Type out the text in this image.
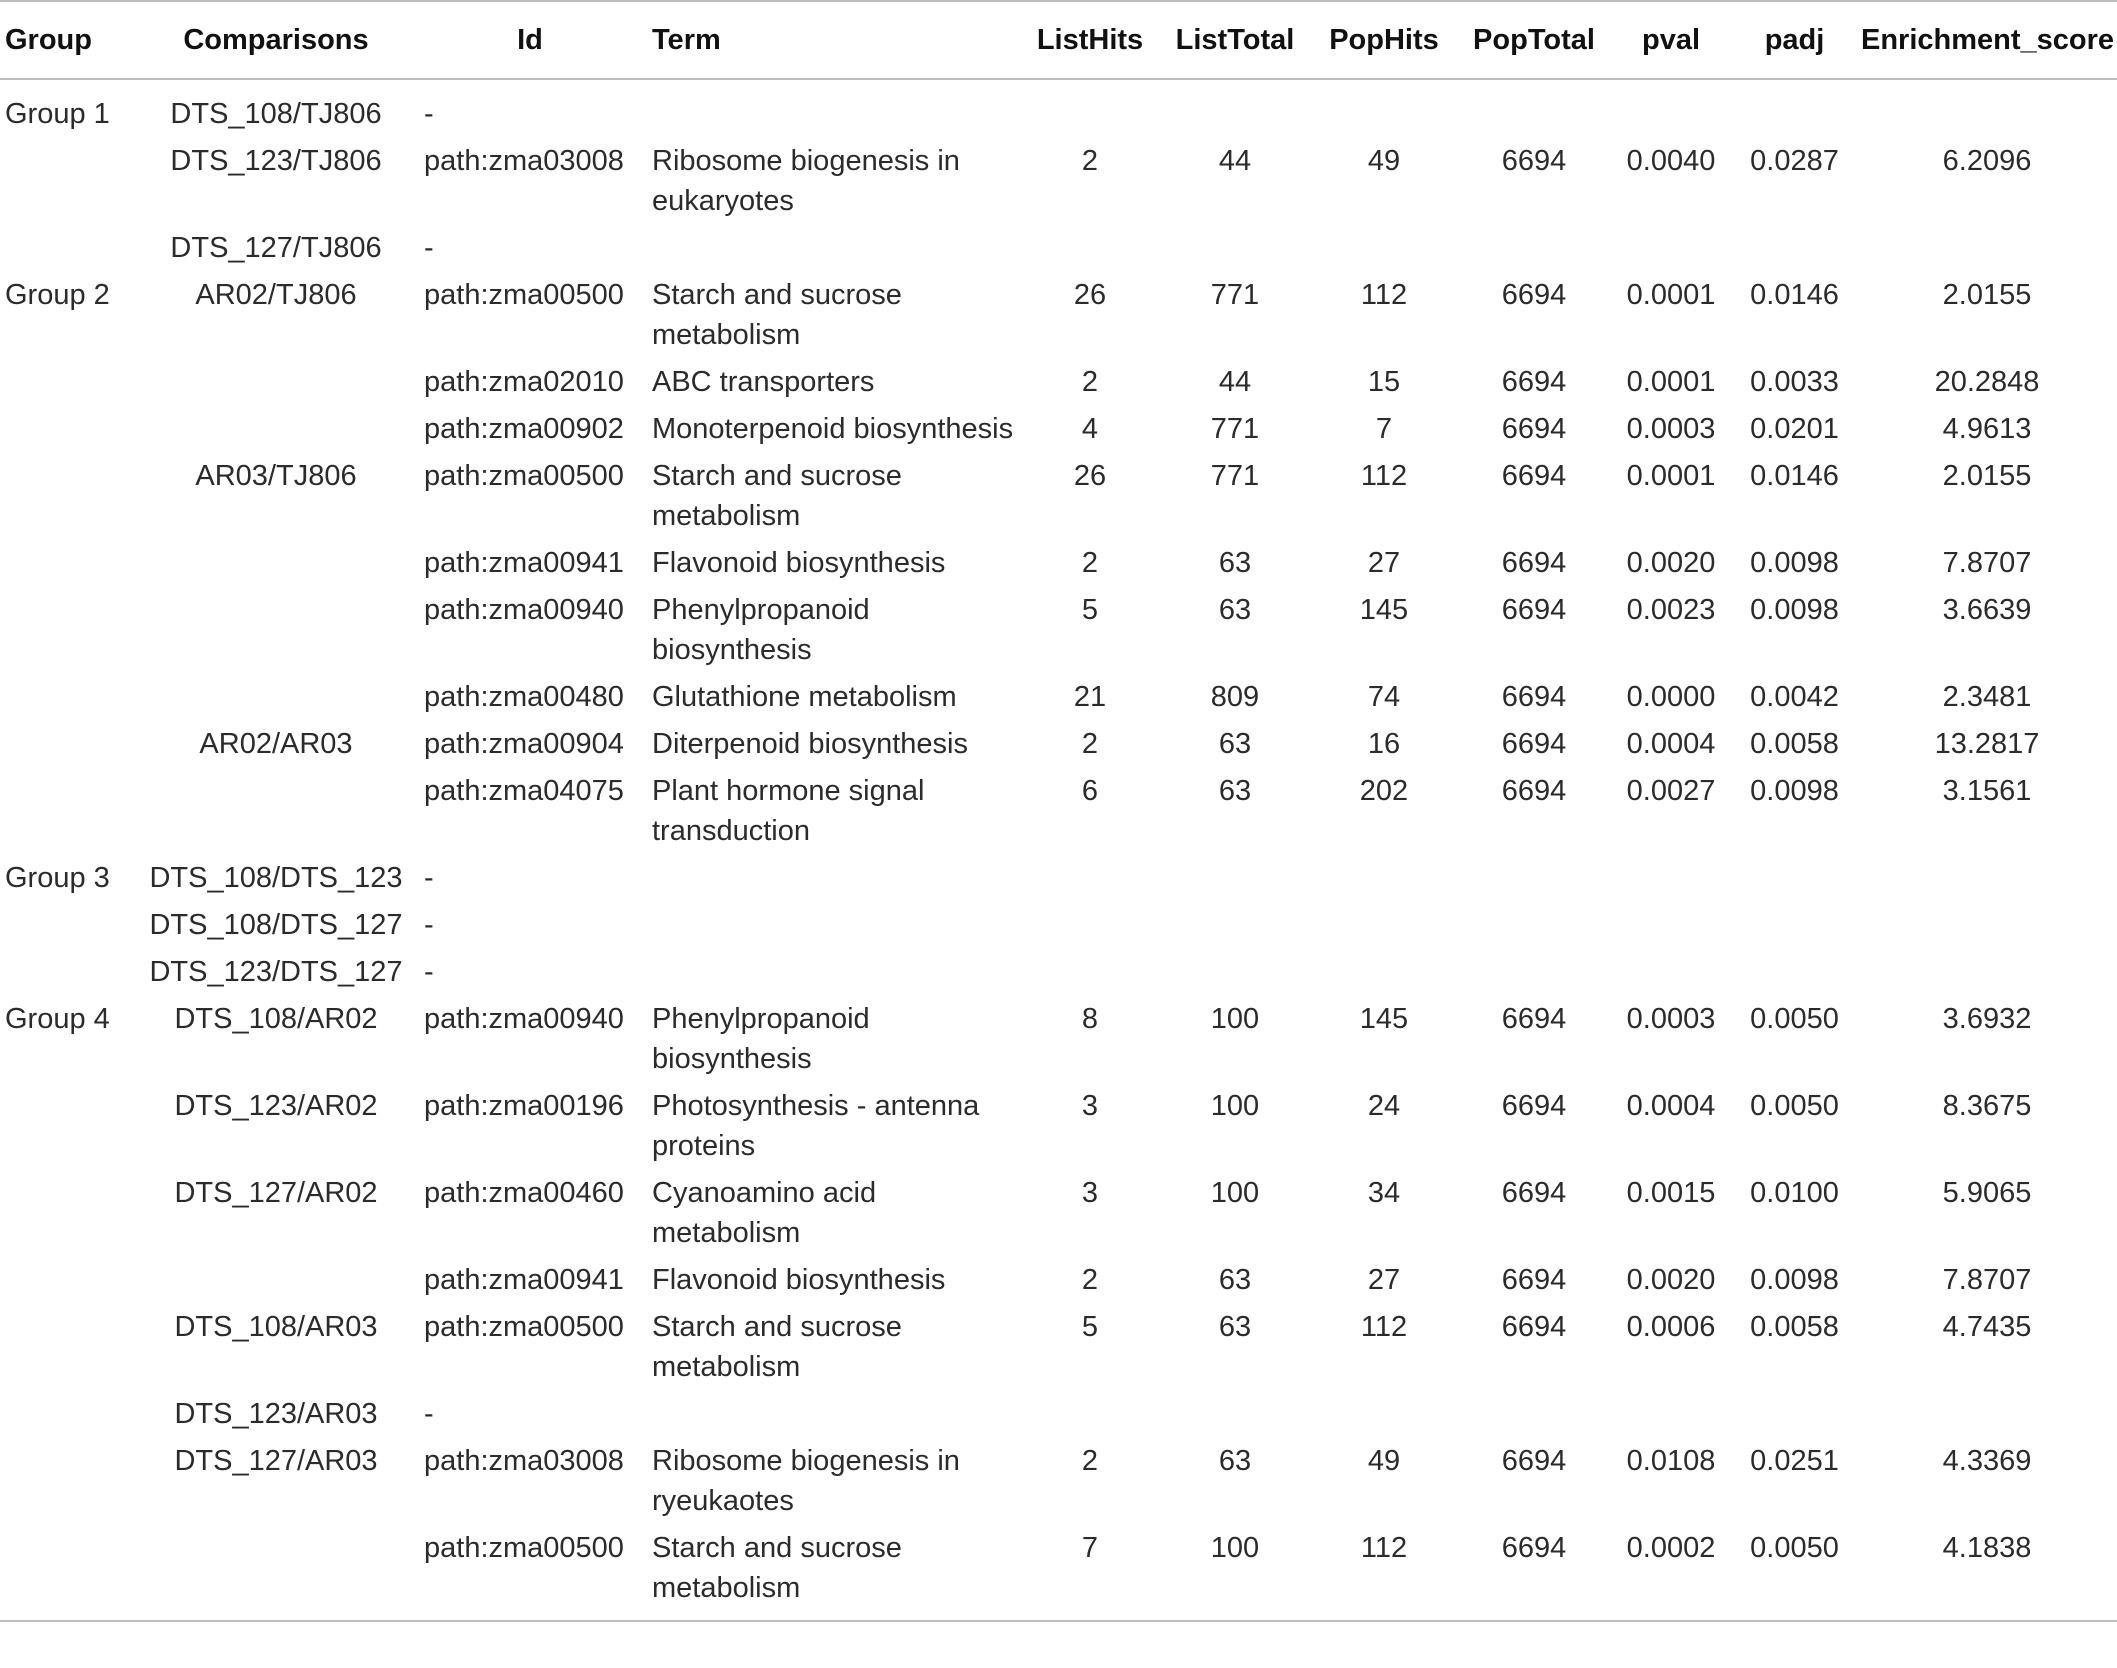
Group	Comparisons	Id	Term	ListHits	ListTotal	PopHits	PopTotal	pval	padj	Enrichment_score
Group 1	DTS_108/TJ806	-								
	DTS_123/TJ806	path:zma03008	Ribosome biogenesis in eukaryotes	2	44	49	6694	0.0040	0.0287	6.2096
	DTS_127/TJ806	-								
Group 2	AR02/TJ806	path:zma00500	Starch and sucrose metabolism	26	771	112	6694	0.0001	0.0146	2.0155
		path:zma02010	ABC transporters	2	44	15	6694	0.0001	0.0033	20.2848
		path:zma00902	Monoterpenoid biosynthesis	4	771	7	6694	0.0003	0.0201	4.9613
	AR03/TJ806	path:zma00500	Starch and sucrose metabolism	26	771	112	6694	0.0001	0.0146	2.0155
		path:zma00941	Flavonoid biosynthesis	2	63	27	6694	0.0020	0.0098	7.8707
		path:zma00940	Phenylpropanoid biosynthesis	5	63	145	6694	0.0023	0.0098	3.6639
		path:zma00480	Glutathione metabolism	21	809	74	6694	0.0000	0.0042	2.3481
	AR02/AR03	path:zma00904	Diterpenoid biosynthesis	2	63	16	6694	0.0004	0.0058	13.2817
		path:zma04075	Plant hormone signal transduction	6	63	202	6694	0.0027	0.0098	3.1561
Group 3	DTS_108/DTS_123	-								
	DTS_108/DTS_127	-								
	DTS_123/DTS_127	-								
Group 4	DTS_108/AR02	path:zma00940	Phenylpropanoid biosynthesis	8	100	145	6694	0.0003	0.0050	3.6932
	DTS_123/AR02	path:zma00196	Photosynthesis - antenna proteins	3	100	24	6694	0.0004	0.0050	8.3675
	DTS_127/AR02	path:zma00460	Cyanoamino acid metabolism	3	100	34	6694	0.0015	0.0100	5.9065
		path:zma00941	Flavonoid biosynthesis	2	63	27	6694	0.0020	0.0098	7.8707
	DTS_108/AR03	path:zma00500	Starch and sucrose metabolism	5	63	112	6694	0.0006	0.0058	4.7435
	DTS_123/AR03	-								
	DTS_127/AR03	path:zma03008	Ribosome biogenesis in ryeukaotes	2	63	49	6694	0.0108	0.0251	4.3369
		path:zma00500	Starch and sucrose metabolism	7	100	112	6694	0.0002	0.0050	4.1838
